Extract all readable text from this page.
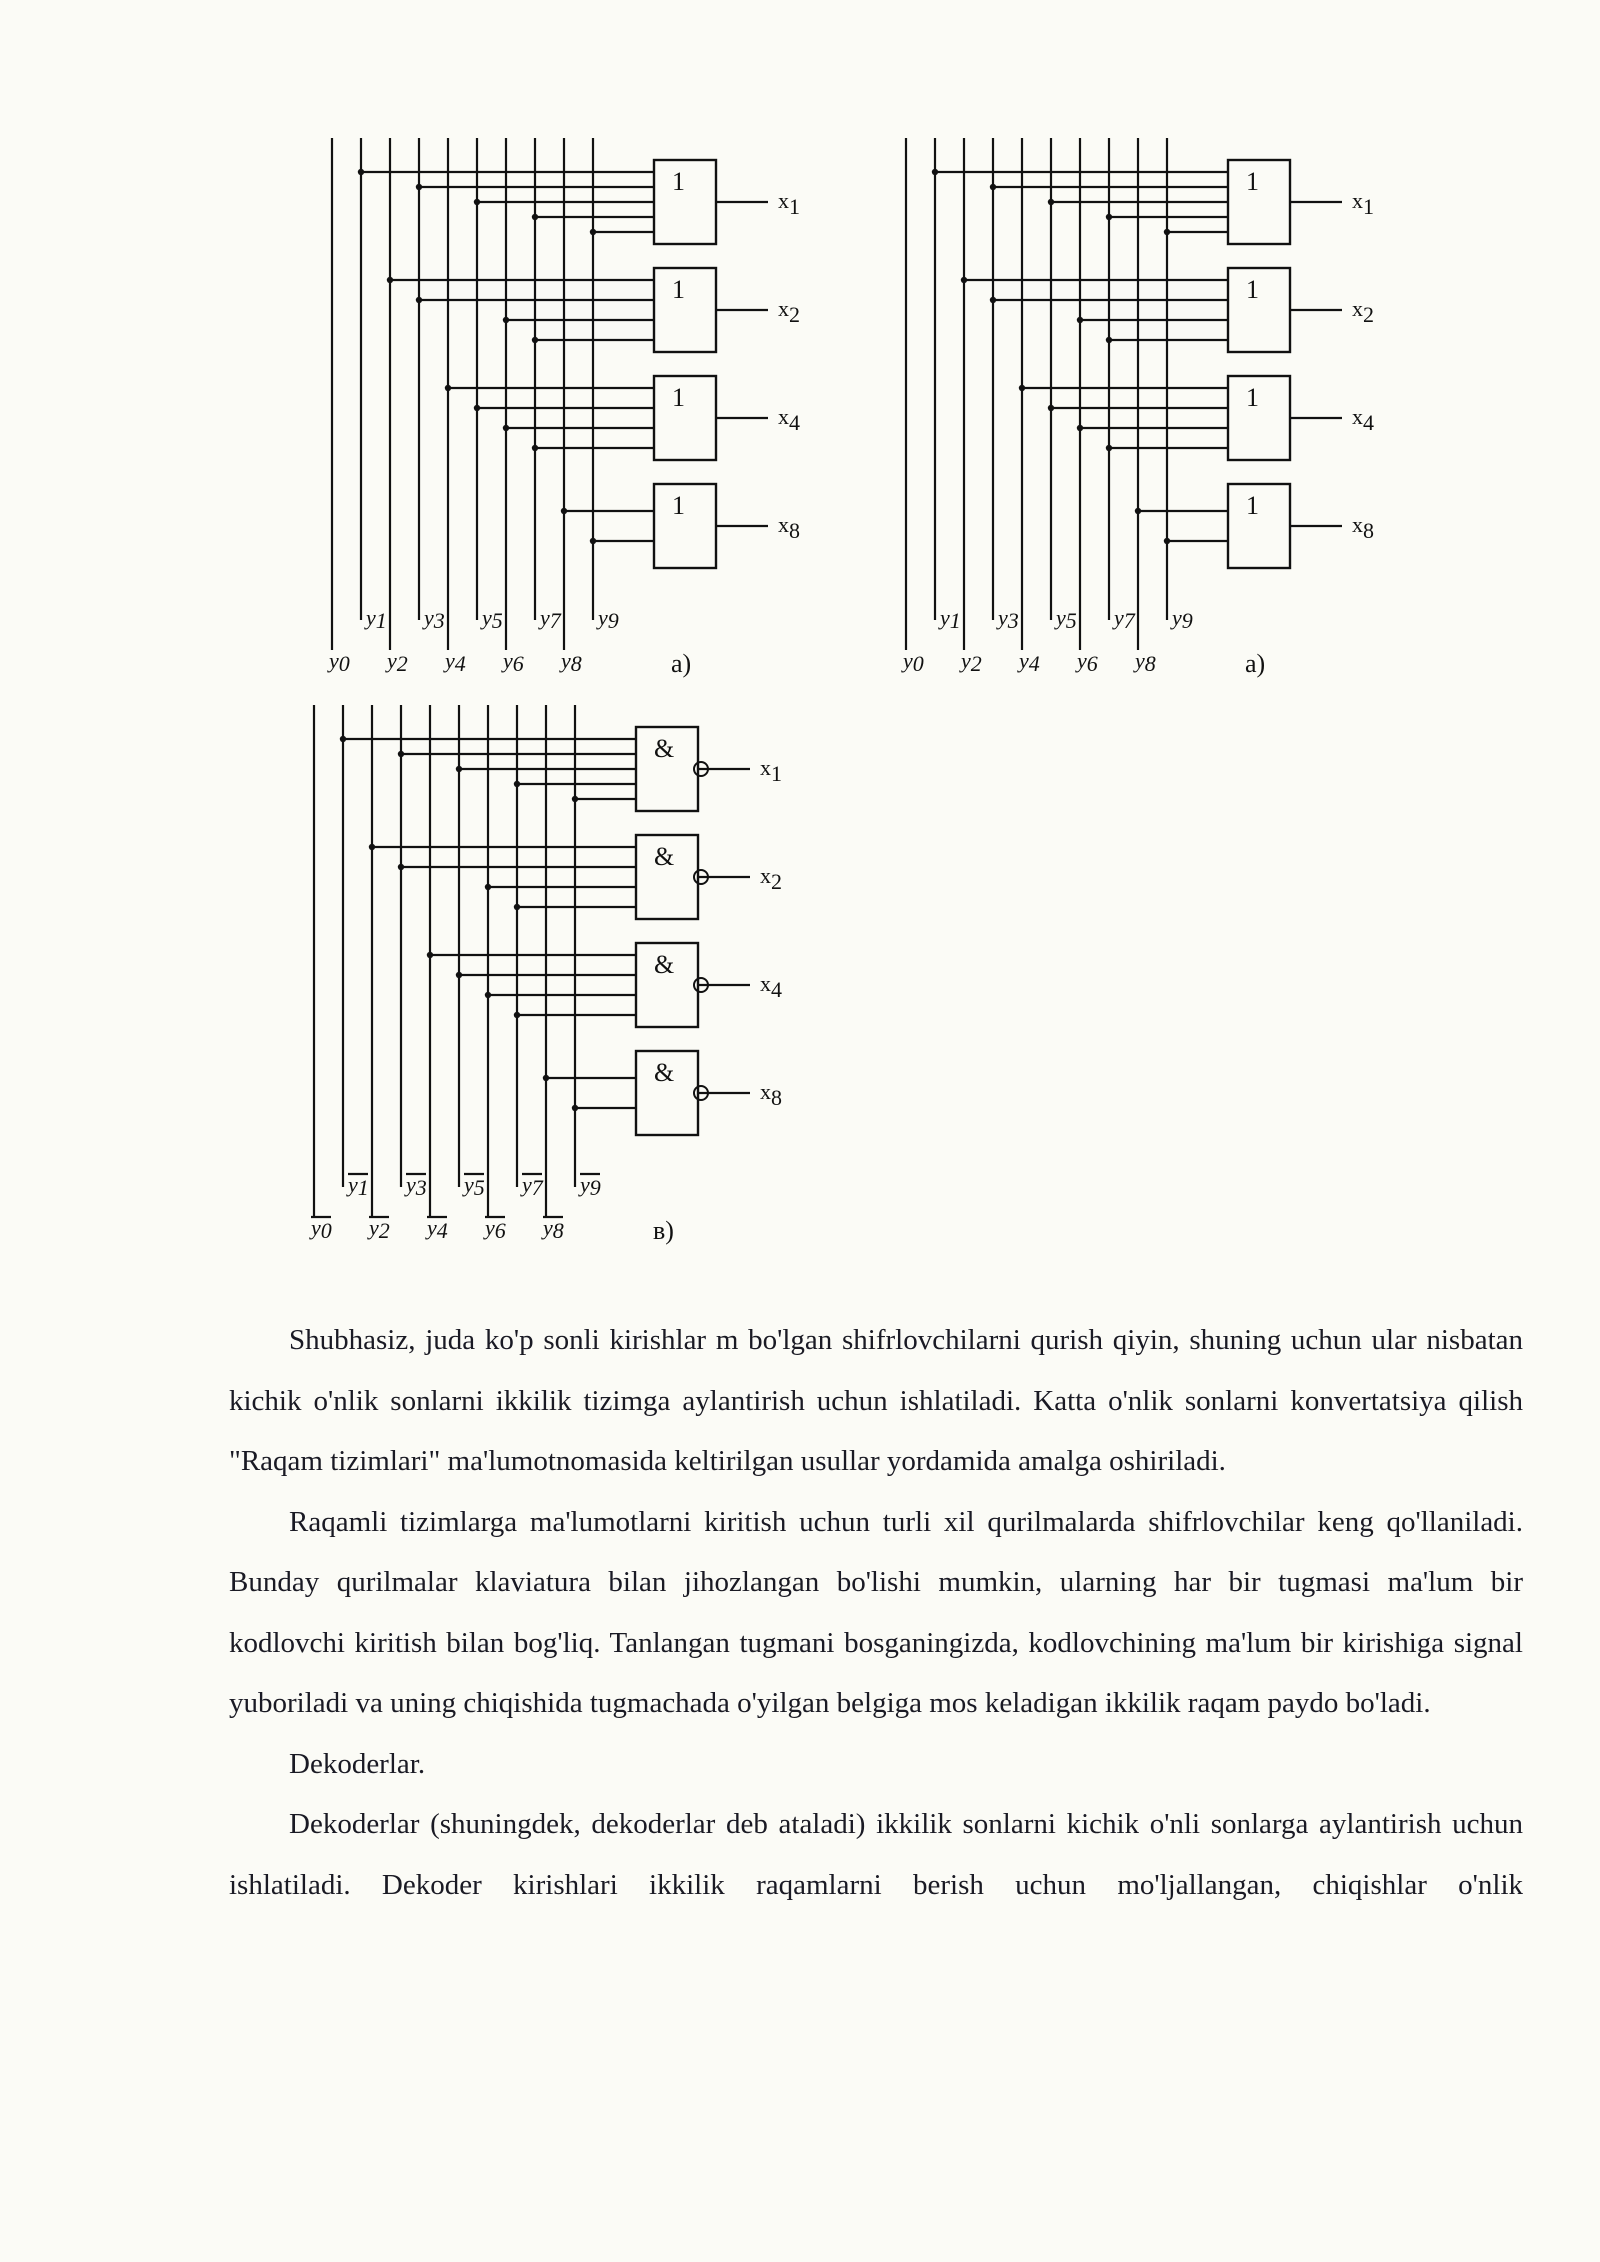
1
x1
1
x2
1
x4
1
x8
y1 y3 y5 y7 y9
y0 y2 y4 y6 y8	a)
1
x1
1
x2
1
x4
1
x8
y1 y3 y5 y7 y9
y0 y2 y4 y6 y8	a)
&
x1
&
x2
&
x4
&
x8
y1 y3 y5 y7 y9
y0 y2 y4 y6 y8	в)

Shubhasiz, juda ko'p sonli kirishlar m bo'lgan shifrlovchilarni qurish qiyin, shuning uchun ular nisbatan kichik o'nlik sonlarni ikkilik tizimga aylantirish uchun ishlatiladi. Katta o'nlik sonlarni konvertatsiya qilish "Raqam tizimlari" ma'lumotnomasida keltirilgan usullar yordamida amalga oshiriladi.

Raqamli tizimlarga ma'lumotlarni kiritish uchun turli xil qurilmalarda shifrlovchilar keng qo'llaniladi. Bunday qurilmalar klaviatura bilan jihozlangan bo'lishi mumkin, ularning har bir tugmasi ma'lum bir kodlovchi kiritish bilan bog'liq. Tanlangan tugmani bosganingizda, kodlovchining ma'lum bir kirishiga signal yuboriladi va uning chiqishida tugmachada o'yilgan belgiga mos keladigan ikkilik raqam paydo bo'ladi.

Dekoderlar.

Dekoderlar (shuningdek, dekoderlar deb ataladi) ikkilik sonlarni kichik o'nli sonlarga aylantirish uchun ishlatiladi. Dekoder kirishlari ikkilik raqamlarni berish uchun mo'ljallangan, chiqishlar o'nlik
